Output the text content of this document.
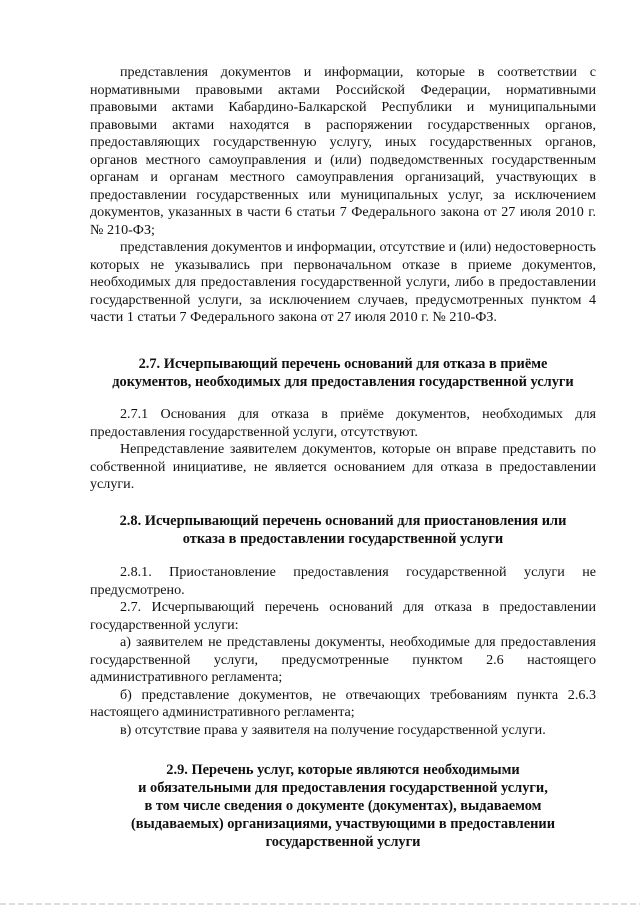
представления документов и информации, которые в соответствии с нормативными правовыми актами Российской Федерации, нормативными правовыми актами Кабардино-Балкарской Республики и муниципальными правовыми актами находятся в распоряжении государственных органов, предоставляющих государственную услугу, иных государственных органов, органов местного самоуправления и (или) подведомственных государственным органам и органам местного самоуправления организаций, участвующих в предоставлении государственных или муниципальных услуг, за исключением документов, указанных в части 6 статьи 7 Федерального закона от 27 июля 2010 г. № 210-ФЗ;

представления документов и информации, отсутствие и (или) недостоверность которых не указывались при первоначальном отказе в приеме документов, необходимых для предоставления государственной услуги, либо в предоставлении государственной услуги, за исключением случаев, предусмотренных пунктом 4 части 1 статьи 7 Федерального закона от 27 июля 2010 г. № 210-ФЗ.

2.7. Исчерпывающий перечень оснований для отказа в приёме
документов, необходимых для предоставления государственной услуги

2.7.1 Основания для отказа в приёме документов, необходимых для предоставления государственной услуги, отсутствуют.

Непредставление заявителем документов, которые он вправе представить по собственной инициативе, не является основанием для отказа в предоставлении услуги.

2.8. Исчерпывающий перечень оснований для приостановления или
отказа в предоставлении государственной услуги

2.8.1. Приостановление предоставления государственной услуги не предусмотрено.

2.7. Исчерпывающий перечень оснований для отказа в предоставлении государственной услуги:

а) заявителем не представлены документы, необходимые для предоставления государственной услуги, предусмотренные пунктом 2.6 настоящего административного регламента;

б) представление документов, не отвечающих требованиям пункта 2.6.3 настоящего административного регламента;

в) отсутствие права у заявителя на получение государственной услуги.

2.9. Перечень услуг, которые являются необходимыми
и обязательными для предоставления государственной услуги,
в том числе сведения о документе (документах), выдаваемом
(выдаваемых) организациями, участвующими в предоставлении
государственной услуги
